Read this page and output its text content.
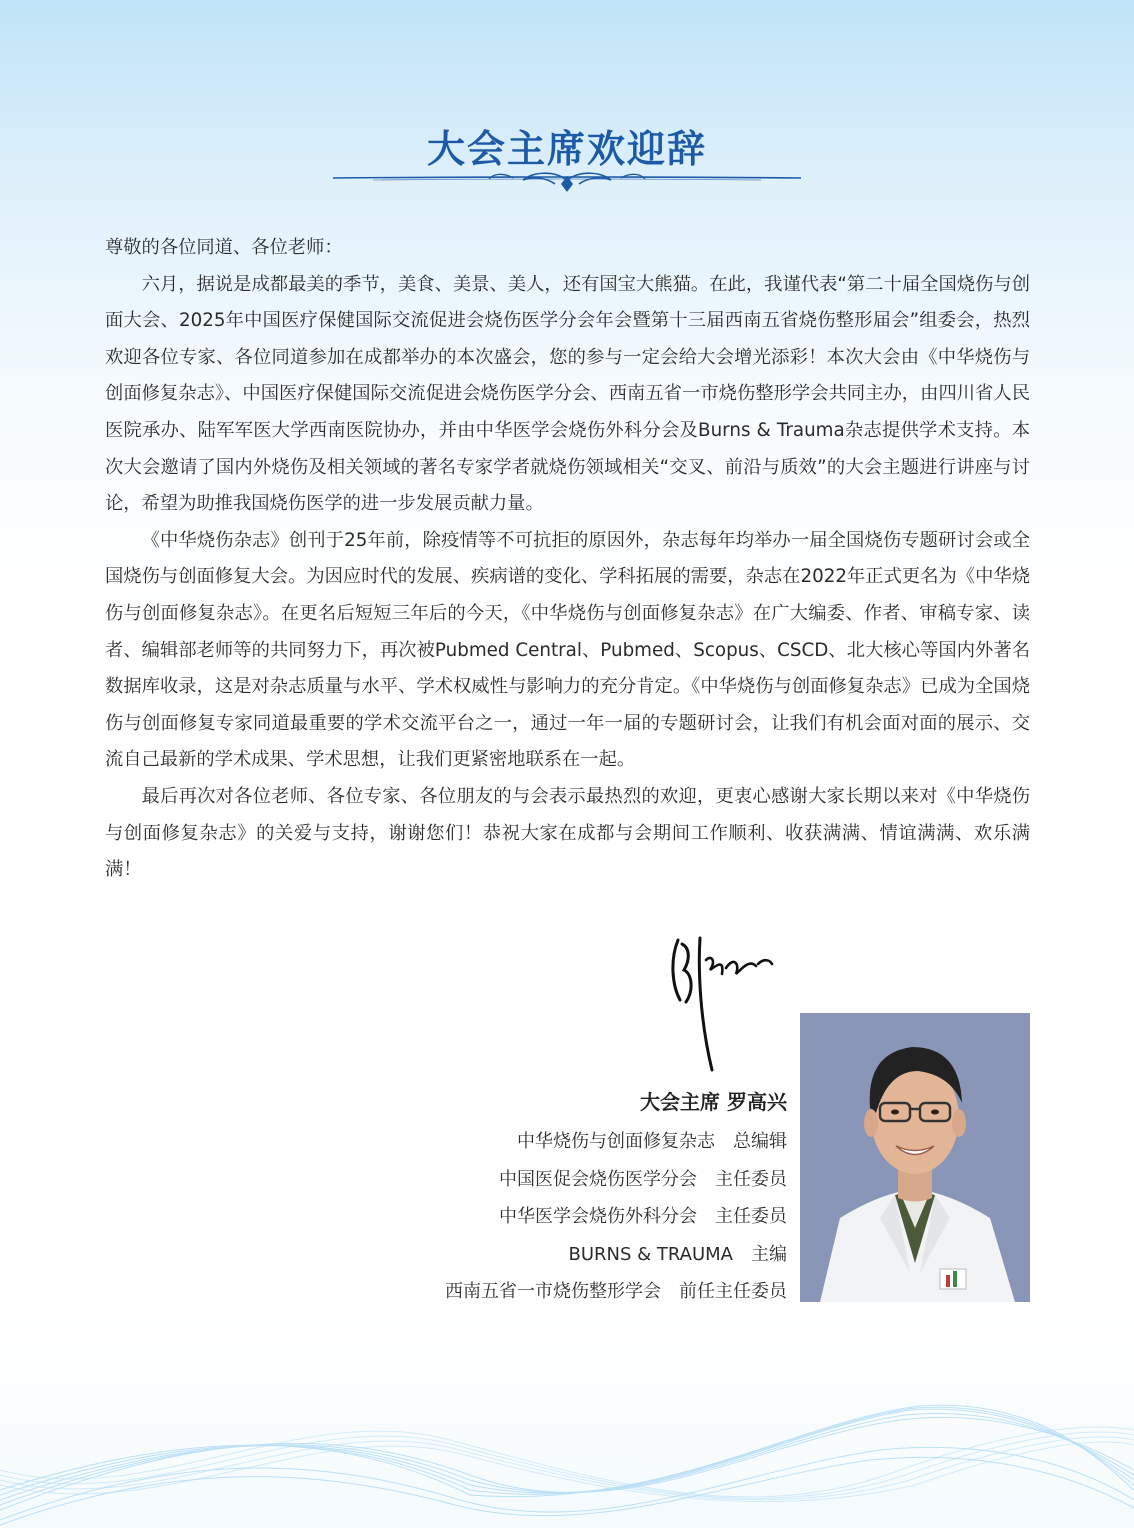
大会主席欢迎辞

尊敬的各位同道、各位老师：

六月，据说是成都最美的季节，美食、美景、美人，还有国宝大熊猫。在此，我谨代表“第二十届全国烧伤与创面大会、2025年中国医疗保健国际交流促进会烧伤医学分会年会暨第十三届西南五省烧伤整形届会”组委会，热烈欢迎各位专家、各位同道参加在成都举办的本次盛会，您的参与一定会给大会增光添彩！本次大会由《中华烧伤与创面修复杂志》、中国医疗保健国际交流促进会烧伤医学分会、西南五省一市烧伤整形学会共同主办，由四川省人民医院承办、陆军军医大学西南医院协办，并由中华医学会烧伤外科分会及Burns & Trauma杂志提供学术支持。本次大会邀请了国内外烧伤及相关领域的著名专家学者就烧伤领域相关“交叉、前沿与质效”的大会主题进行讲座与讨论，希望为助推我国烧伤医学的进一步发展贡献力量。

《中华烧伤杂志》创刊于25年前，除疫情等不可抗拒的原因外，杂志每年均举办一届全国烧伤专题研讨会或全国烧伤与创面修复大会。为因应时代的发展、疾病谱的变化、学科拓展的需要，杂志在2022年正式更名为《中华烧伤与创面修复杂志》。在更名后短短三年后的今天，《中华烧伤与创面修复杂志》在广大编委、作者、审稿专家、读者、编辑部老师等的共同努力下，再次被Pubmed Central、Pubmed、Scopus、CSCD、北大核心等国内外著名数据库收录，这是对杂志质量与水平、学术权威性与影响力的充分肯定。《中华烧伤与创面修复杂志》已成为全国烧伤与创面修复专家同道最重要的学术交流平台之一，通过一年一届的专题研讨会，让我们有机会面对面的展示、交流自己最新的学术成果、学术思想，让我们更紧密地联系在一起。

最后再次对各位老师、各位专家、各位朋友的与会表示最热烈的欢迎，更衷心感谢大家长期以来对《中华烧伤与创面修复杂志》的关爱与支持，谢谢您们！恭祝大家在成都与会期间工作顺利、收获满满、情谊满满、欢乐满满！

大会主席 罗高兴
中华烧伤与创面修复杂志　总编辑
中国医促会烧伤医学分会　主任委员
中华医学会烧伤外科分会　主任委员
BURNS & TRAUMA　主编
西南五省一市烧伤整形学会　前任主任委员
